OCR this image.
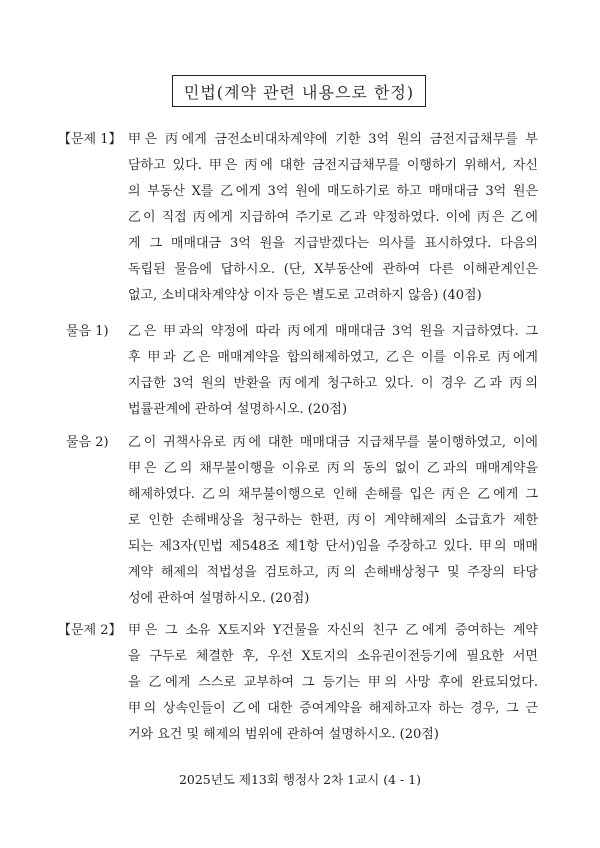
민법(계약 관련 내용으로 한정)
【문제 1】 甲은 丙에게 금전소비대차계약에 기한 3억 원의 금전지급채무를 부
담하고 있다. 甲은 丙에 대한 금전지급채무를 이행하기 위해서, 자신
의 부동산 X를 乙에게 3억 원에 매도하기로 하고 매매대금 3억 원은
乙이 직접 丙에게 지급하여 주기로 乙과 약정하였다. 이에 丙은 乙에
게 그 매매대금 3억 원을 지급받겠다는 의사를 표시하였다. 다음의
독립된 물음에 답하시오. (단, X부동산에 관하여 다른 이해관계인은
없고, 소비대차계약상 이자 등은 별도로 고려하지 않음) (40점)
물음 1) 乙은 甲과의 약정에 따라 丙에게 매매대금 3억 원을 지급하였다. 그
후 甲과 乙은 매매계약을 합의해제하였고, 乙은 이를 이유로 丙에게
지급한 3억 원의 반환을 丙에게 청구하고 있다. 이 경우 乙과 丙의
법률관계에 관하여 설명하시오. (20점)
물음 2) 乙이 귀책사유로 丙에 대한 매매대금 지급채무를 불이행하였고, 이에
甲은 乙의 채무불이행을 이유로 丙의 동의 없이 乙과의 매매계약을
해제하였다. 乙의 채무불이행으로 인해 손해를 입은 丙은 乙에게 그
로 인한 손해배상을 청구하는 한편, 丙이 계약해제의 소급효가 제한
되는 제3자(민법 제548조 제1항 단서)임을 주장하고 있다. 甲의 매매
계약 해제의 적법성을 검토하고, 丙의 손해배상청구 및 주장의 타당
성에 관하여 설명하시오. (20점)
【문제 2】 甲은 그 소유 X토지와 Y건물을 자신의 친구 乙에게 증여하는 계약
을 구두로 체결한 후, 우선 X토지의 소유권이전등기에 필요한 서면
을 乙에게 스스로 교부하여 그 등기는 甲의 사망 후에 완료되었다.
甲의 상속인들이 乙에 대한 증여계약을 해제하고자 하는 경우, 그 근
거와 요건 및 해제의 범위에 관하여 설명하시오. (20점)
2025년도 제13회 행정사 2차 1교시 (4 - 1)
